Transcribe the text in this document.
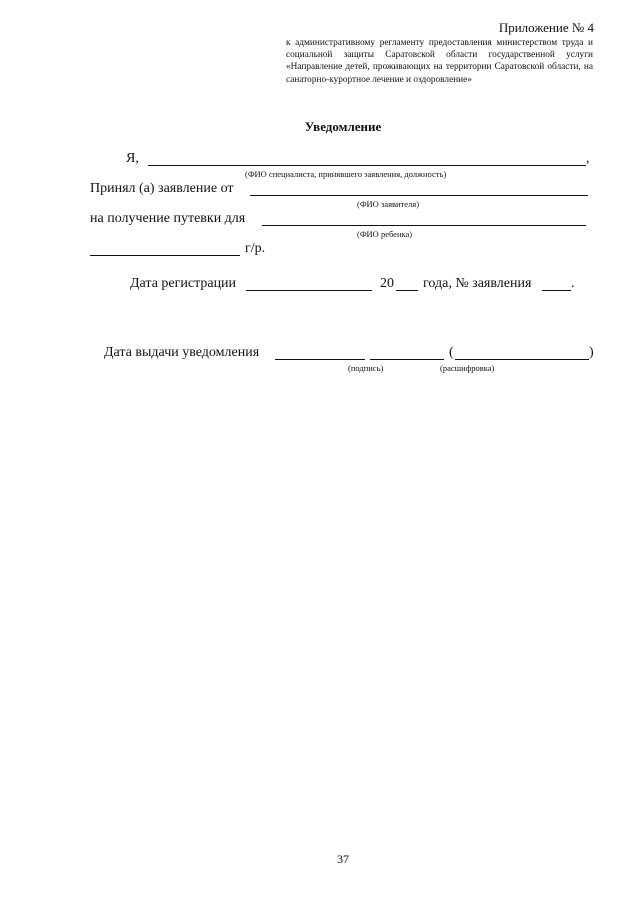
Приложение № 4
к административному регламенту предоставления министерством труда и социальной защиты Саратовской области государственной услуги «Направление детей, проживающих на территории Саратовской области, на санаторно-курортное лечение и оздоровление»
Уведомление
Я,	,
(ФИО специалиста, принявшего заявления, должность)
Принял (а) заявление от
(ФИО заявителя)
на получение путевки для
(ФИО ребенка)
г/р.
Дата регистрации	20 года, № заявления	.
Дата выдачи уведомления	(	)
(подпись)	(расшифровка)
37
